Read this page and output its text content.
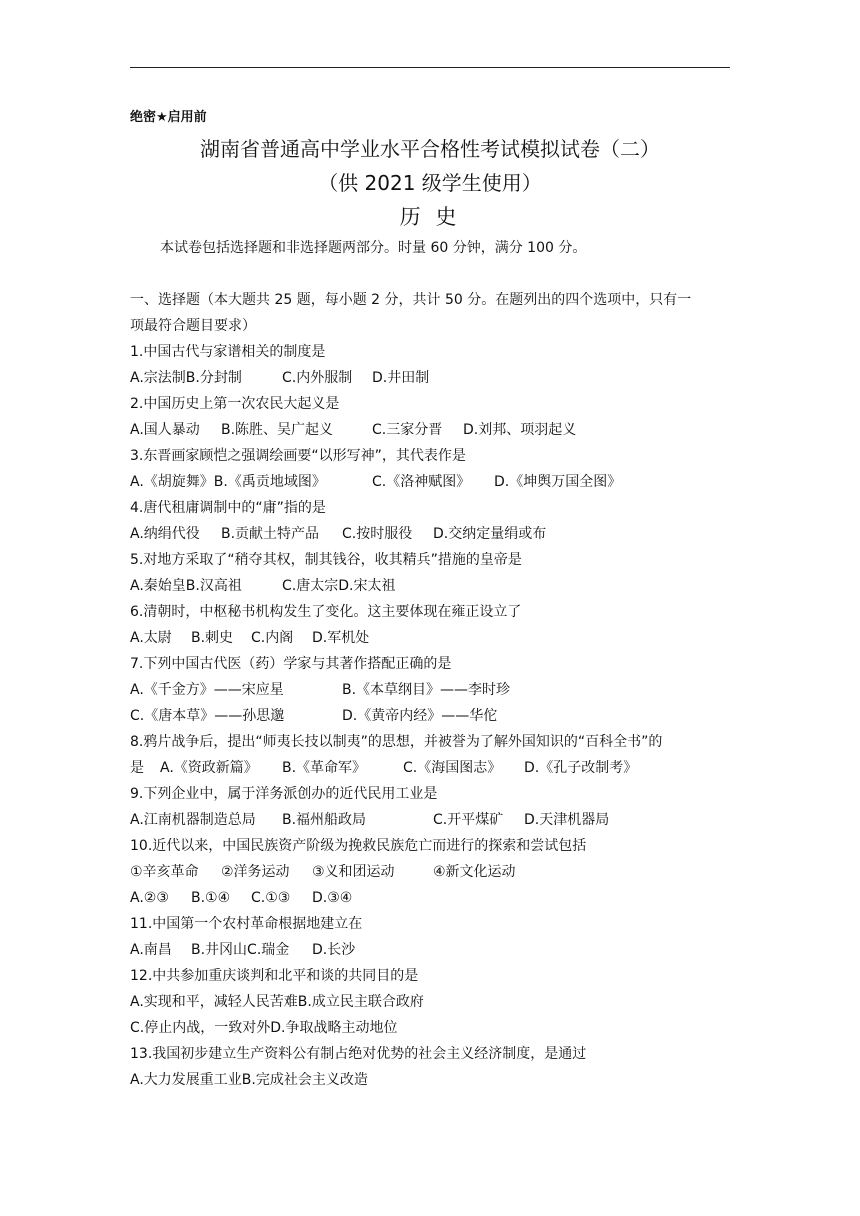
绝密★启用前
湖南省普通高中学业水平合格性考试模拟试卷（二）
（供 2021 级学生使用）
历 史
本试卷包括选择题和非选择题两部分。时量 60 分钟，满分 100 分。
一、选择题（本大题共 25 题，每小题 2 分，共计 50 分。在题列出的四个选项中，只有一
项最符合题目要求）
1.中国古代与家谱相关的制度是
A.宗法制B.分封制	C.内外服制 D.井田制
2.中国历史上第一次农民大起义是
A.国人暴动 B.陈胜、吴广起义	C.三家分晋 D.刘邦、项羽起义
3.东晋画家顾恺之强调绘画要“以形写神”，其代表作是
A.《胡旋舞》B.《禹贡地域图》	C.《洛神赋图》 D.《坤舆万国全图》
4.唐代租庸调制中的“庸”指的是
A.纳绢代役 B.贡献土特产品 C.按时服役 D.交纳定量绢或布
5.对地方采取了“稍夺其权，制其钱谷，收其精兵”措施的皇帝是
A.秦始皇B.汉高祖	C.唐太宗D.宋太祖
6.清朝时，中枢秘书机构发生了变化。这主要体现在雍正设立了
A.太尉 B.刺史 C.内阁 D.军机处
7.下列中国古代医（药）学家与其著作搭配正确的是
A.《千金方》——宋应星	B.《本草纲目》——李时珍
C.《唐本草》——孙思邈	D.《黄帝内经》——华佗
8.鸦片战争后，提出“师夷长技以制夷”的思想，并被誉为了解外国知识的“百科全书”的
是 A.《资政新篇》 B.《革命军》	C.《海国图志》 D.《孔子改制考》
9.下列企业中，属于洋务派创办的近代民用工业是
A.江南机器制造总局 B.福州船政局	C.开平煤矿 D.天津机器局
10.近代以来，中国民族资产阶级为挽救民族危亡而进行的探索和尝试包括
①辛亥革命 ②洋务运动 ③义和团运动	④新文化运动
A.②③ B.①④ C.①③ D.③④
11.中国第一个农村革命根据地建立在
A.南昌 B.井冈山C.瑞金 D.长沙
12.中共参加重庆谈判和北平和谈的共同目的是
A.实现和平，减轻人民苦难B.成立民主联合政府
C.停止内战，一致对外D.争取战略主动地位
13.我国初步建立生产资料公有制占绝对优势的社会主义经济制度，是通过
A.大力发展重工业B.完成社会主义改造
